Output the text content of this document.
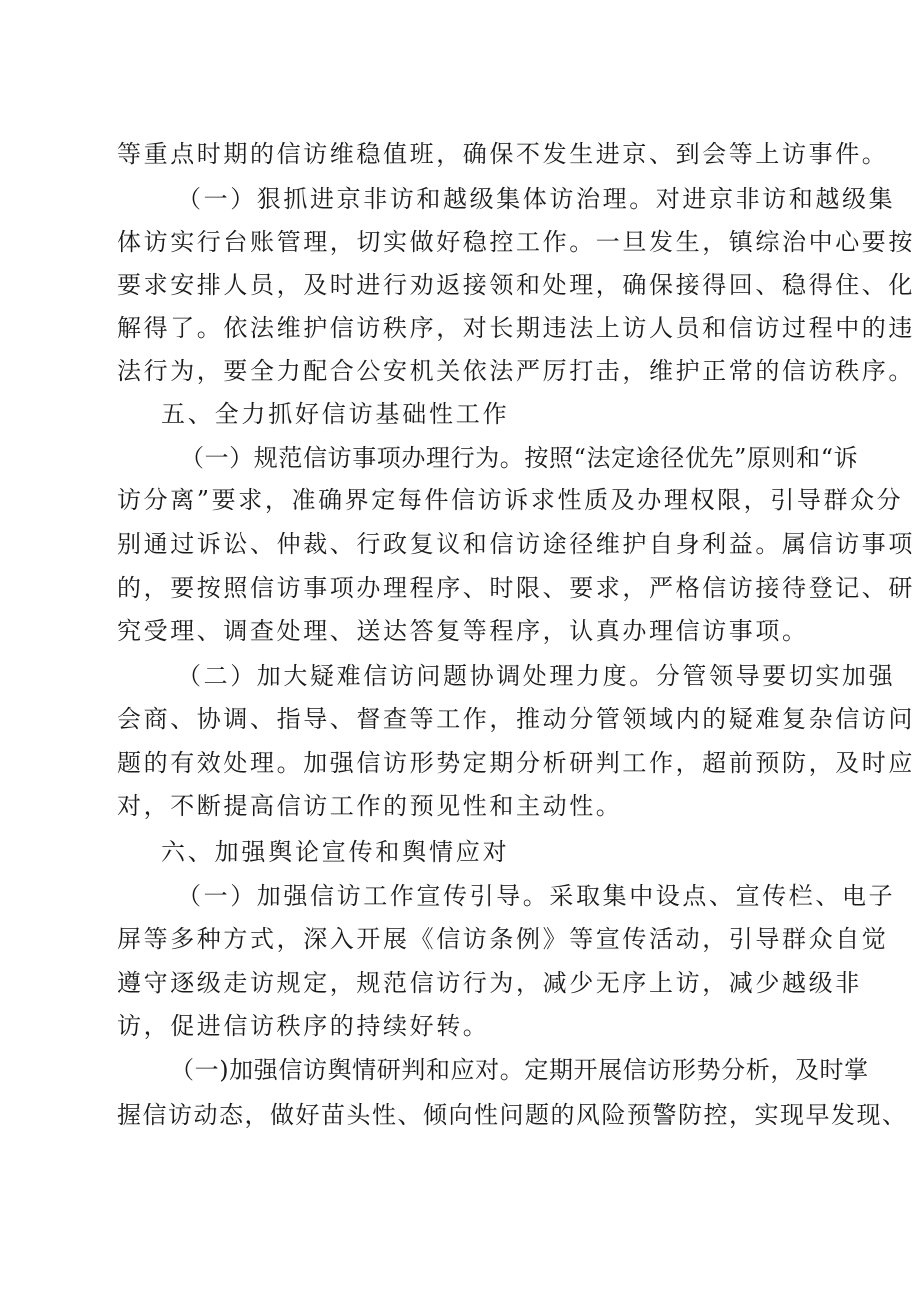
等重点时期的信访维稳值班，确保不发生进京、到会等上访事件。
（一）狠抓进京非访和越级集体访治理。对进京非访和越级集
体访实行台账管理，切实做好稳控工作。一旦发生，镇综治中心要按
要求安排人员，及时进行劝返接领和处理，确保接得回、稳得住、化
解得了。依法维护信访秩序，对长期违法上访人员和信访过程中的违
法行为，要全力配合公安机关依法严厉打击，维护正常的信访秩序。
五、全力抓好信访基础性工作
（一）规范信访事项办理行为。按照“法定途径优先”原则和“诉
访分离”要求，准确界定每件信访诉求性质及办理权限，引导群众分
别通过诉讼、仲裁、行政复议和信访途径维护自身利益。属信访事项
的，要按照信访事项办理程序、时限、要求，严格信访接待登记、研
究受理、调查处理、送达答复等程序，认真办理信访事项。
（二）加大疑难信访问题协调处理力度。分管领导要切实加强
会商、协调、指导、督查等工作，推动分管领域内的疑难复杂信访问
题的有效处理。加强信访形势定期分析研判工作，超前预防，及时应
对，不断提高信访工作的预见性和主动性。
六、加强舆论宣传和舆情应对
（一）加强信访工作宣传引导。采取集中设点、宣传栏、电子
屏等多种方式，深入开展《信访条例》等宣传活动，引导群众自觉
遵守逐级走访规定，规范信访行为，减少无序上访，减少越级非
访，促进信访秩序的持续好转。
（一)加强信访舆情研判和应对。定期开展信访形势分析，及时掌
握信访动态，做好苗头性、倾向性问题的风险预警防控，实现早发现、
